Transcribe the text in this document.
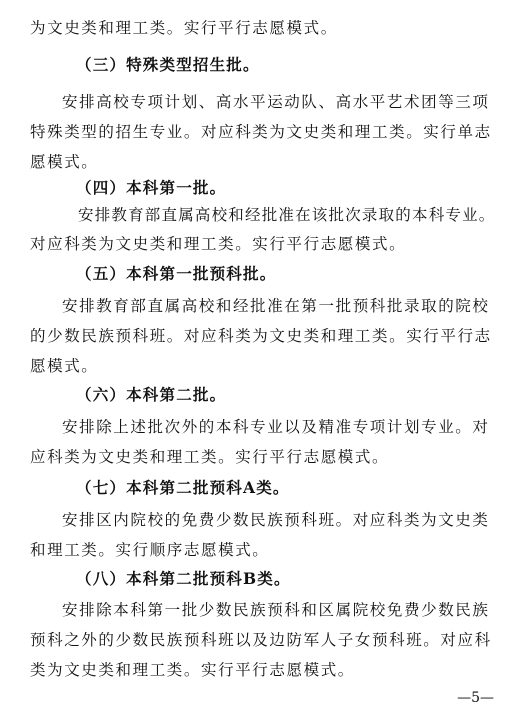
为文史类和理工类。实行平行志愿模式。
（三）特殊类型招生批。
安排高校专项计划、高水平运动队、高水平艺术团等三项
特殊类型的招生专业。对应科类为文史类和理工类。实行单志
愿模式。
（四）本科第一批。
安排教育部直属高校和经批准在该批次录取的本科专业。
对应科类为文史类和理工类。实行平行志愿模式。
（五）本科第一批预科批。
安排教育部直属高校和经批准在第一批预科批录取的院校
的少数民族预科班。对应科类为文史类和理工类。实行平行志
愿模式。
（六）本科第二批。
安排除上述批次外的本科专业以及精准专项计划专业。对
应科类为文史类和理工类。实行平行志愿模式。
（七）本科第二批预科A类。
安排区内院校的免费少数民族预科班。对应科类为文史类
和理工类。实行顺序志愿模式。
（八）本科第二批预科B类。
安排除本科第一批少数民族预科和区属院校免费少数民族
预科之外的少数民族预科班以及边防军人子女预科班。对应科
类为文史类和理工类。实行平行志愿模式。
—5—
